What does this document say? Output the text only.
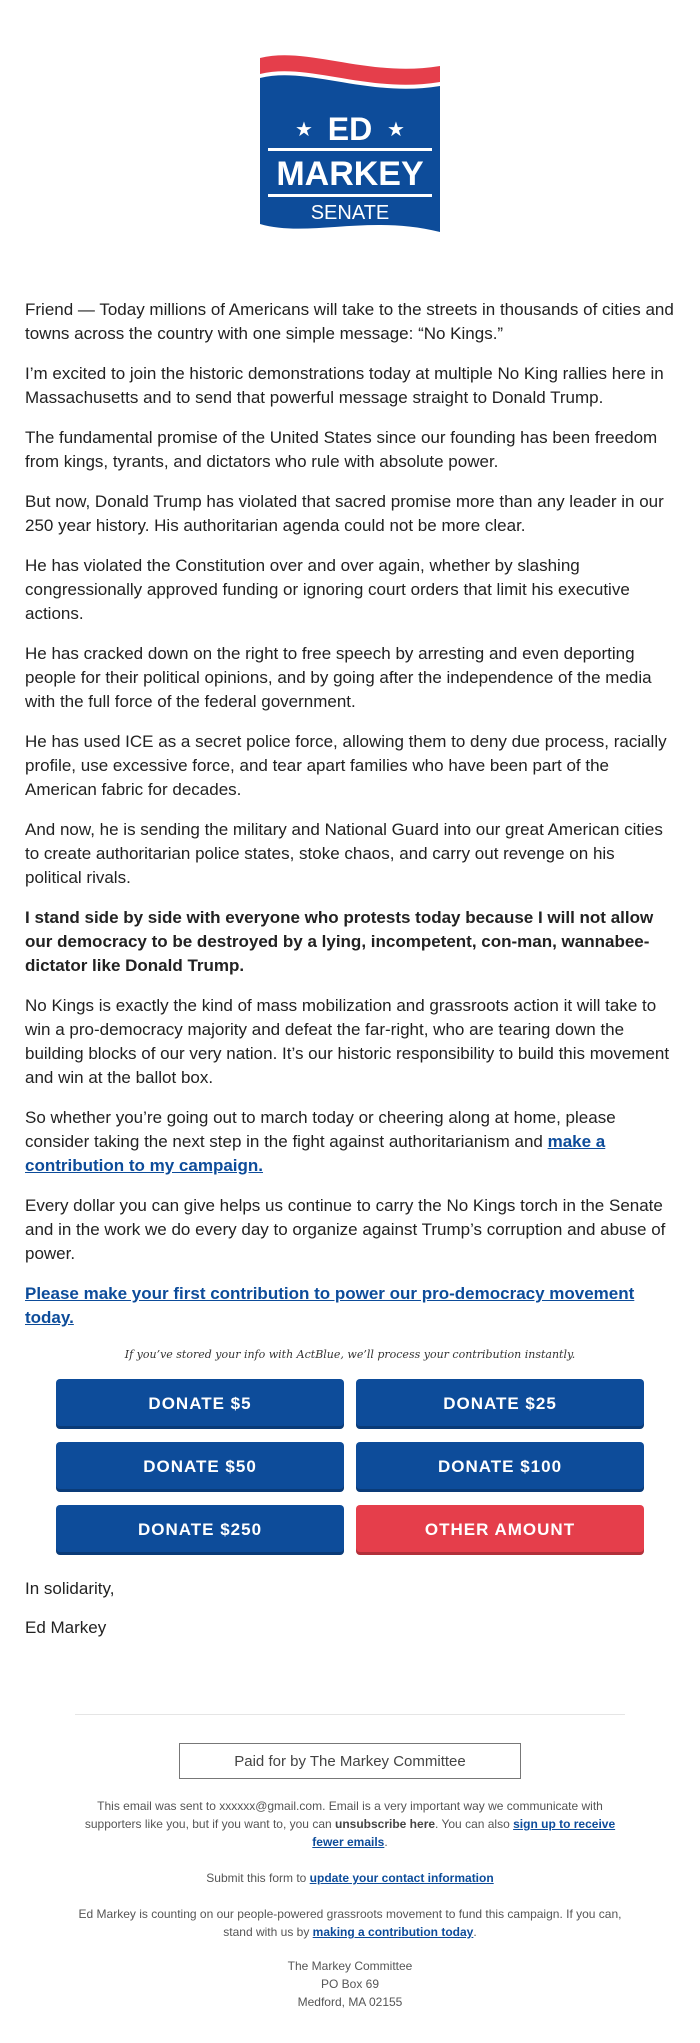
★	★
ED
MARKEY
SENATE

Friend — Today millions of Americans will take to the streets in thousands of cities and towns across the country with one simple message: “No Kings.”

I’m excited to join the historic demonstrations today at multiple No King rallies here in Massachusetts and to send that powerful message straight to Donald Trump.

The fundamental promise of the United States since our founding has been freedom from kings, tyrants, and dictators who rule with absolute power.

But now, Donald Trump has violated that sacred promise more than any leader in our 250 year history. His authoritarian agenda could not be more clear.

He has violated the Constitution over and over again, whether by slashing congressionally approved funding or ignoring court orders that limit his executive actions.

He has cracked down on the right to free speech by arresting and even deporting people for their political opinions, and by going after the independence of the media with the full force of the federal government.

He has used ICE as a secret police force, allowing them to deny due process, racially profile, use excessive force, and tear apart families who have been part of the American fabric for decades.

And now, he is sending the military and National Guard into our great American cities to create authoritarian police states, stoke chaos, and carry out revenge on his political rivals.

I stand side by side with everyone who protests today because I will not allow our democracy to be destroyed by a lying, incompetent, con-man, wannabee-dictator like Donald Trump.

No Kings is exactly the kind of mass mobilization and grassroots action it will take to win a pro-democracy majority and defeat the far-right, who are tearing down the building blocks of our very nation. It’s our historic responsibility to build this movement and win at the ballot box.

So whether you’re going out to march today or cheering along at home, please consider taking the next step in the fight against authoritarianism and make a contribution to my campaign.

Every dollar you can give helps us continue to carry the No Kings torch in the Senate and in the work we do every day to organize against Trump’s corruption and abuse of power.

Please make your first contribution to power our pro-democracy movement today.

If you’ve stored your info with ActBlue, we’ll process your contribution instantly.

DONATE $5	DONATE $25
DONATE $50	DONATE $100
DONATE $250	OTHER AMOUNT

In solidarity,

Ed Markey

Paid for by The Markey Committee

This email was sent to xxxxxx@gmail.com. Email is a very important way we communicate with supporters like you, but if you want to, you can unsubscribe here. You can also sign up to receive fewer emails.

Submit this form to update your contact information

Ed Markey is counting on our people-powered grassroots movement to fund this campaign. If you can, stand with us by making a contribution today.

The Markey Committee
PO Box 69
Medford, MA 02155
